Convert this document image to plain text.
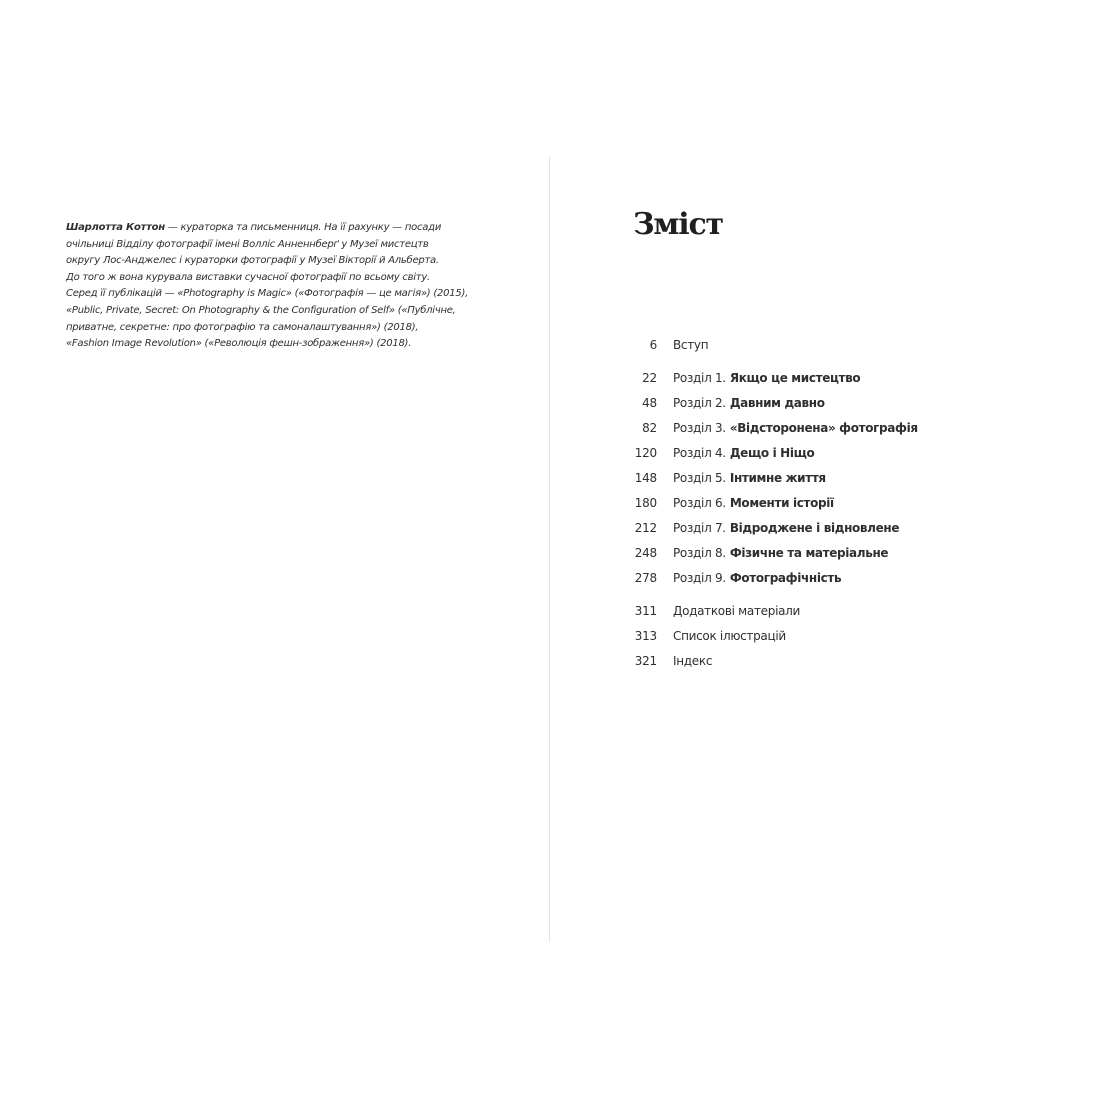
Шарлотта Коттон — кураторка та письменниця. На її рахунку — посади
очільниці Відділу фотографії імені Волліс Анненнберґ у Музеї мистецтв
округу Лос-Анджелес і кураторки фотографії у Музеї Вікторії й Альберта.
До того ж вона курувала виставки сучасної фотографії по всьому світу.
Серед її публікацій — «Photography is Magic» («Фотографія — це магія») (2015),
«Public, Private, Secret: On Photography & the Configuration of Self» («Публічне,
приватне, секретне: про фотографію та самоналаштування») (2018),
«Fashion Image Revolution» («Революція фешн-зображення») (2018).
Зміст
6 Вступ
22 Розділ 1. Якщо це мистецтво
48 Розділ 2. Давним давно
82 Розділ 3. «Відсторонена» фотографія
120 Розділ 4. Дещо і Ніщо
148 Розділ 5. Інтимне життя
180 Розділ 6. Моменти історії
212 Розділ 7. Відроджене і відновлене
248 Розділ 8. Фізичне та матеріальне
278 Розділ 9. Фотографічність
311 Додаткові матеріали
313 Список ілюстрацій
321 Індекс
